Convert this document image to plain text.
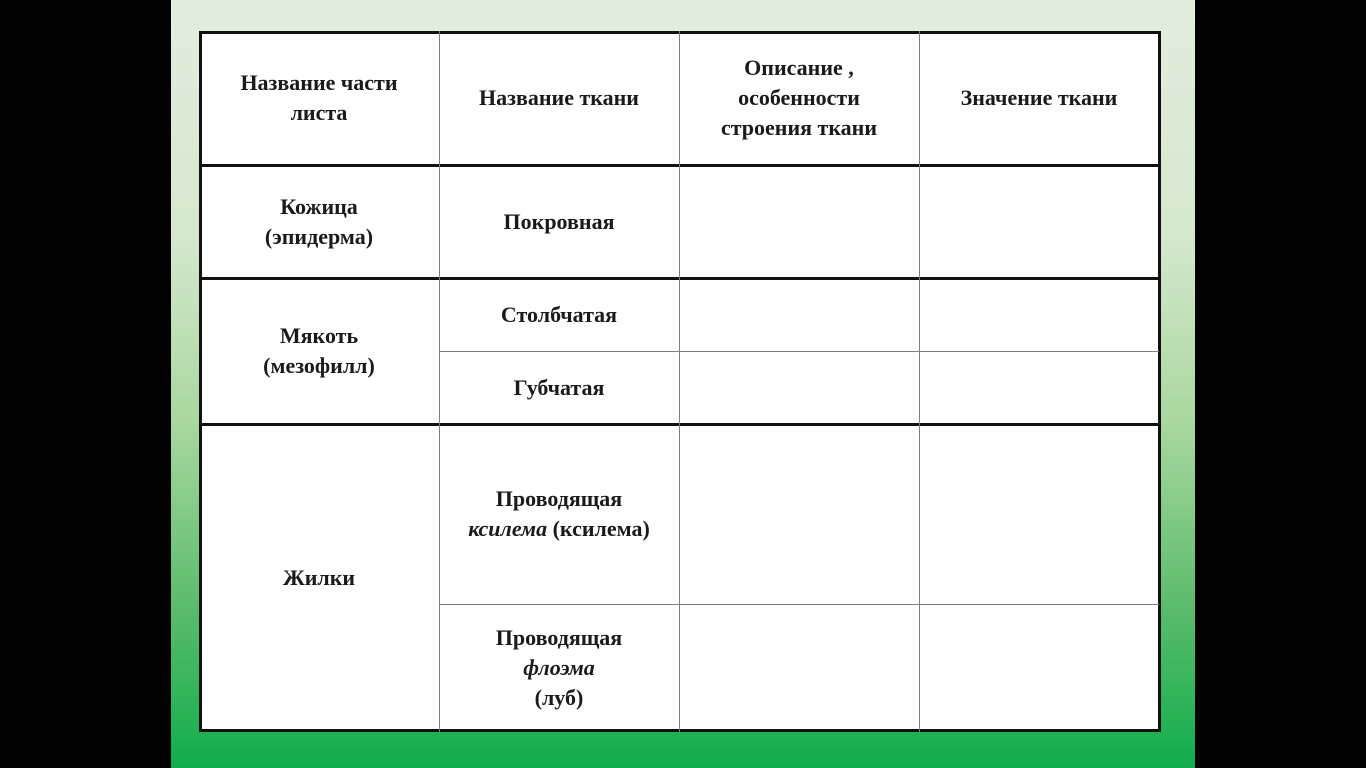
Название части
листа
Название ткани
Описание ,
особенности
строения ткани
Значение ткани
Кожица
(эпидерма)
Покровная
Мякоть
(мезофилл)
Столбчатая
Губчатая
Жилки
Проводящая
ксилема (ксилема)
Проводящая
флоэма
(луб)
